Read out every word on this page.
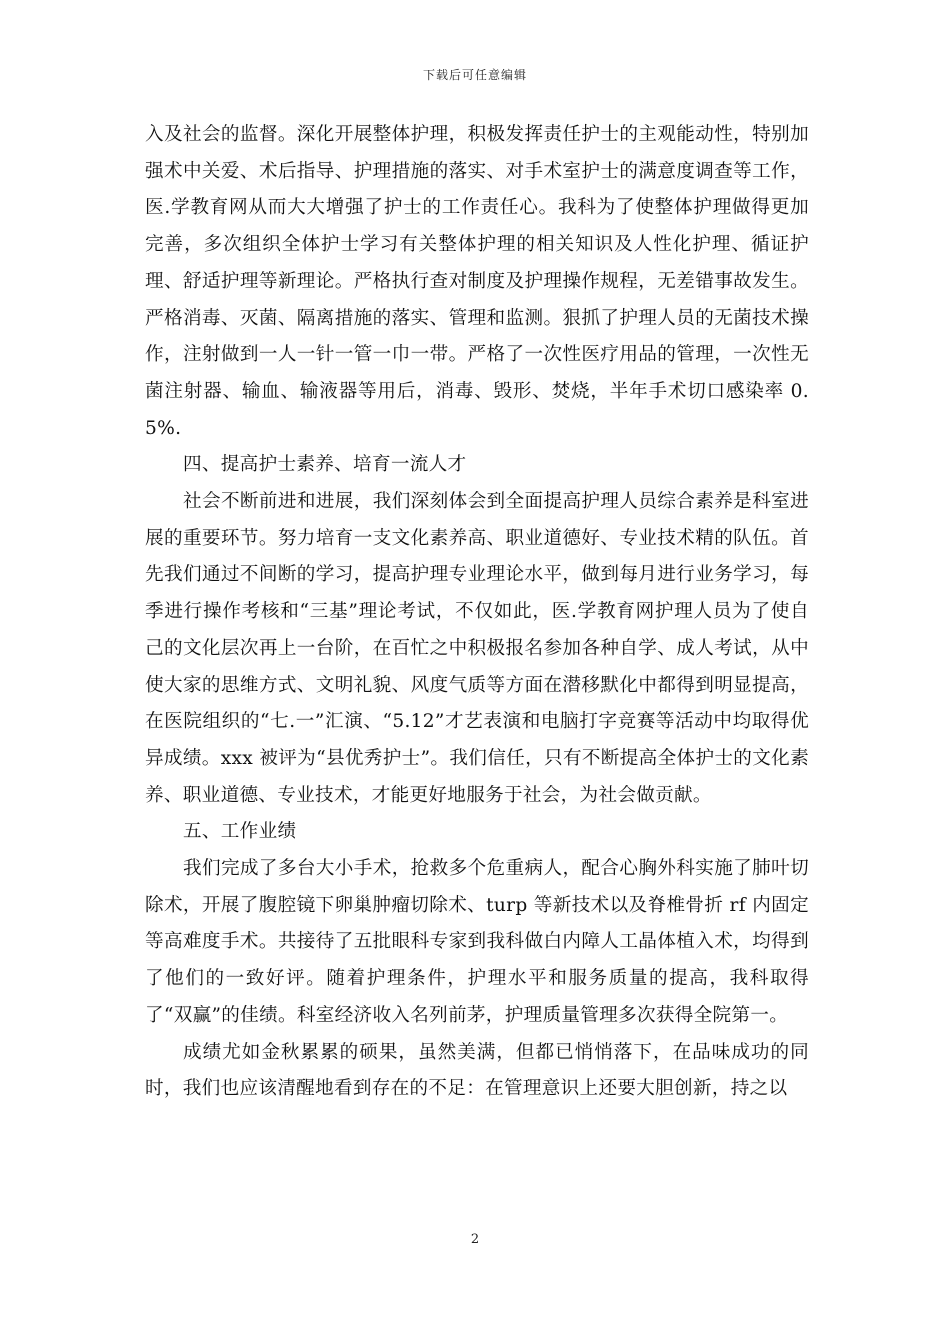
下载后可任意编辑

入及社会的监督。深化开展整体护理，积极发挥责任护士的主观能动性，特别加强术中关爱、术后指导、护理措施的落实、对手术室护士的满意度调查等工作，医.学教育网从而大大增强了护士的工作责任心。我科为了使整体护理做得更加完善，多次组织全体护士学习有关整体护理的相关知识及人性化护理、循证护理、舒适护理等新理论。严格执行查对制度及护理操作规程，无差错事故发生。严格消毒、灭菌、隔离措施的落实、管理和监测。狠抓了护理人员的无菌技术操作，注射做到一人一针一管一巾一带。严格了一次性医疗用品的管理，一次性无菌注射器、输血、输液器等用后，消毒、毁形、焚烧，半年手术切口感染率 0.5%.

四、提高护士素养、培育一流人才

社会不断前进和进展，我们深刻体会到全面提高护理人员综合素养是科室进展的重要环节。努力培育一支文化素养高、职业道德好、专业技术精的队伍。首先我们通过不间断的学习，提高护理专业理论水平，做到每月进行业务学习，每季进行操作考核和“三基”理论考试，不仅如此，医.学教育网护理人员为了使自己的文化层次再上一台阶，在百忙之中积极报名参加各种自学、成人考试，从中使大家的思维方式、文明礼貌、风度气质等方面在潜移默化中都得到明显提高，在医院组织的“七.一”汇演、“5.12”才艺表演和电脑打字竞赛等活动中均取得优异成绩。xxx 被评为“县优秀护士”。我们信任，只有不断提高全体护士的文化素养、职业道德、专业技术，才能更好地服务于社会，为社会做贡献。

五、工作业绩

我们完成了多台大小手术，抢救多个危重病人，配合心胸外科实施了肺叶切除术，开展了腹腔镜下卵巢肿瘤切除术、turp 等新技术以及脊椎骨折 rf 内固定等高难度手术。共接待了五批眼科专家到我科做白内障人工晶体植入术，均得到了他们的一致好评。随着护理条件，护理水平和服务质量的提高，我科取得了“双赢”的佳绩。科室经济收入名列前茅，护理质量管理多次获得全院第一。

成绩尤如金秋累累的硕果，虽然美满，但都已悄悄落下，在品味成功的同时，我们也应该清醒地看到存在的不足：在管理意识上还要大胆创新，持之以

2
